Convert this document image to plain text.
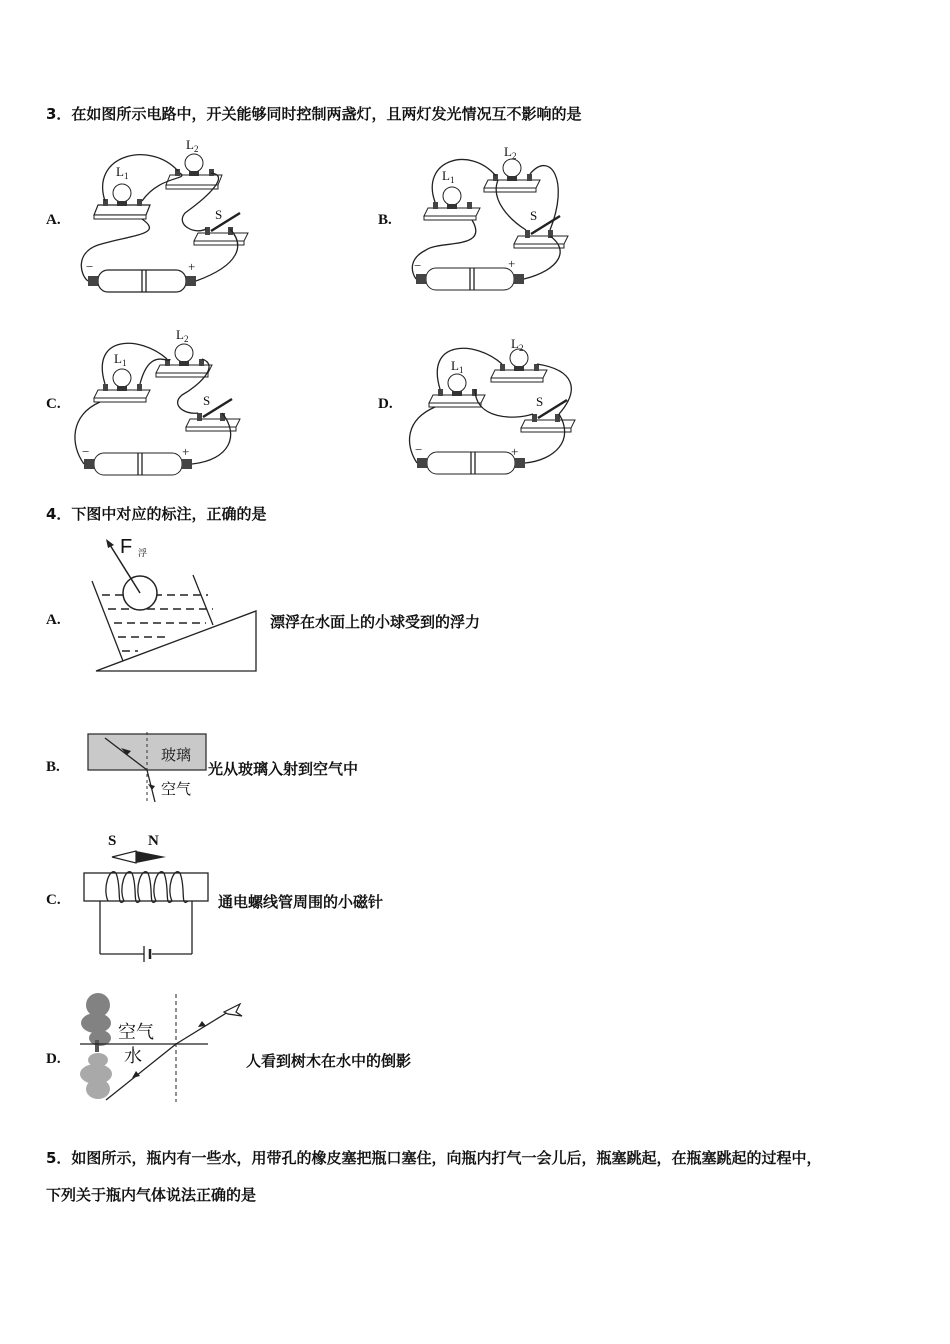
3．在如图所示电路中，开关能够同时控制两盏灯，且两灯发光情况互不影响的是
A.	B.
C.	D.
L 1
L 2
S
−	+
L 1
L 2
S
−	+
L 1
L 2
S
−	+
L 1
L 2
S
−	+
4．下图中对应的标注，正确的是
A.
F 浮
漂浮在水面上的小球受到的浮力
B.
玻璃
空气
光从玻璃入射到空气中
C.
S N
通电螺线管周围的小磁针
D.
空气
水	人看到树木在水中的倒影
5．如图所示，瓶内有一些水，用带孔的橡皮塞把瓶口塞住，向瓶内打气一会儿后，瓶塞跳起，在瓶塞跳起的过程中，
下列关于瓶内气体说法正确的是
